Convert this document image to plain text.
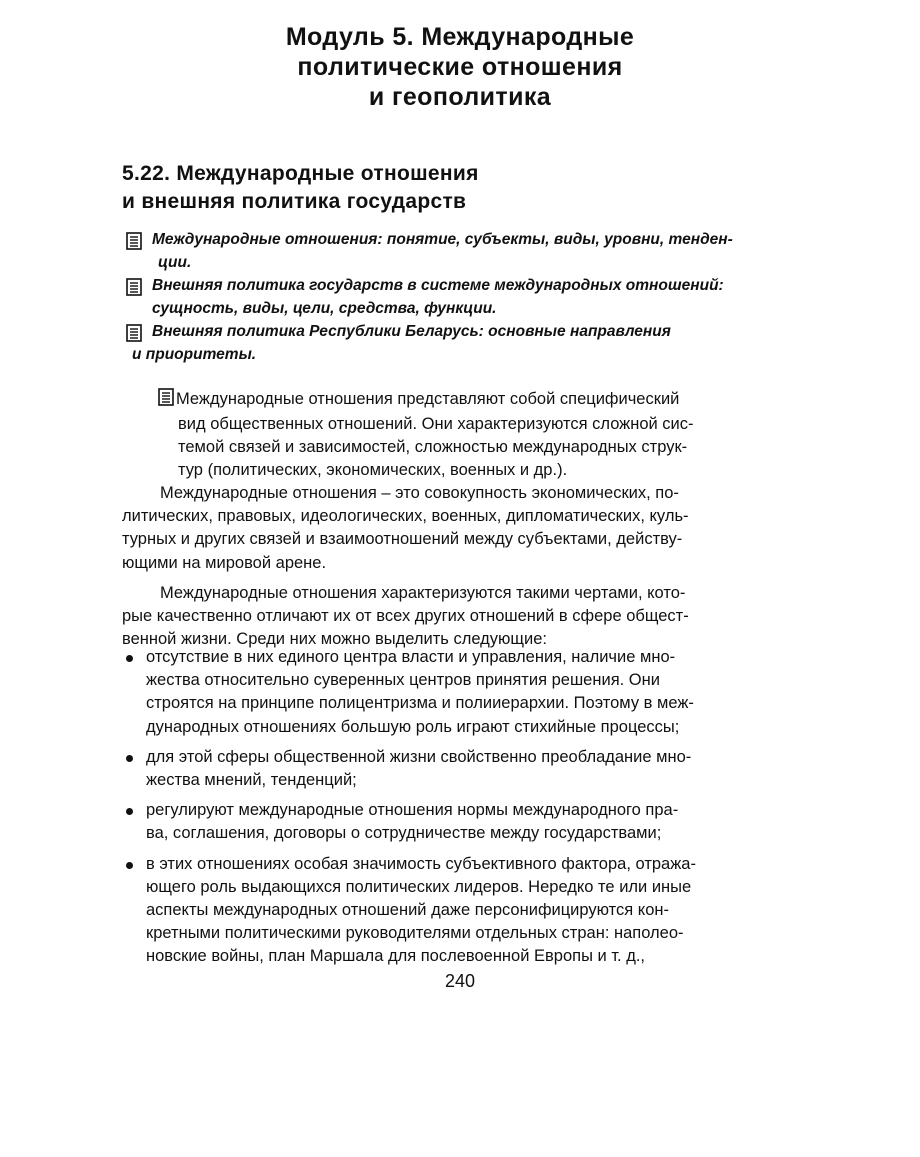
Модуль 5. Международные
политические отношения
и геополитика
5.22. Международные отношения
и внешняя политика государств
Международные отношения: понятие, субъекты, виды, уровни, тенден-
ции.
Внешняя политика государств в системе международных отношений:
сущность, виды, цели, средства, функции.
Внешняя политика Республики Беларусь: основные направления
и приоритеты.
Международные отношения представляют собой специфический
вид общественных отношений. Они характеризуются сложной сис-
темой связей и зависимостей, сложностью международных струк-
тур (политических, экономических, военных и др.).
Международные отношения – это совокупность экономических, по-
литических, правовых, идеологических, военных, дипломатических, куль-
турных и других связей и взаимоотношений между субъектами, действу-
ющими на мировой арене.
Международные отношения характеризуются такими чертами, кото-
рые качественно отличают их от всех других отношений в сфере общест-
венной жизни. Среди них можно выделить следующие:
отсутствие в них единого центра власти и управления, наличие мно-
жества относительно суверенных центров принятия решения. Они
строятся на принципе полицентризма и полииерархии. Поэтому в меж-
дународных отношениях большую роль играют стихийные процессы;
для этой сферы общественной жизни свойственно преобладание мно-
жества мнений, тенденций;
регулируют международные отношения нормы международного пра-
ва, соглашения, договоры о сотрудничестве между государствами;
в этих отношениях особая значимость субъективного фактора, отража-
ющего роль выдающихся политических лидеров. Нередко те или иные
аспекты международных отношений даже персонифицируются кон-
кретными политическими руководителями отдельных стран: наполео-
новские войны, план Маршала для послевоенной Европы и т. д.,
240
